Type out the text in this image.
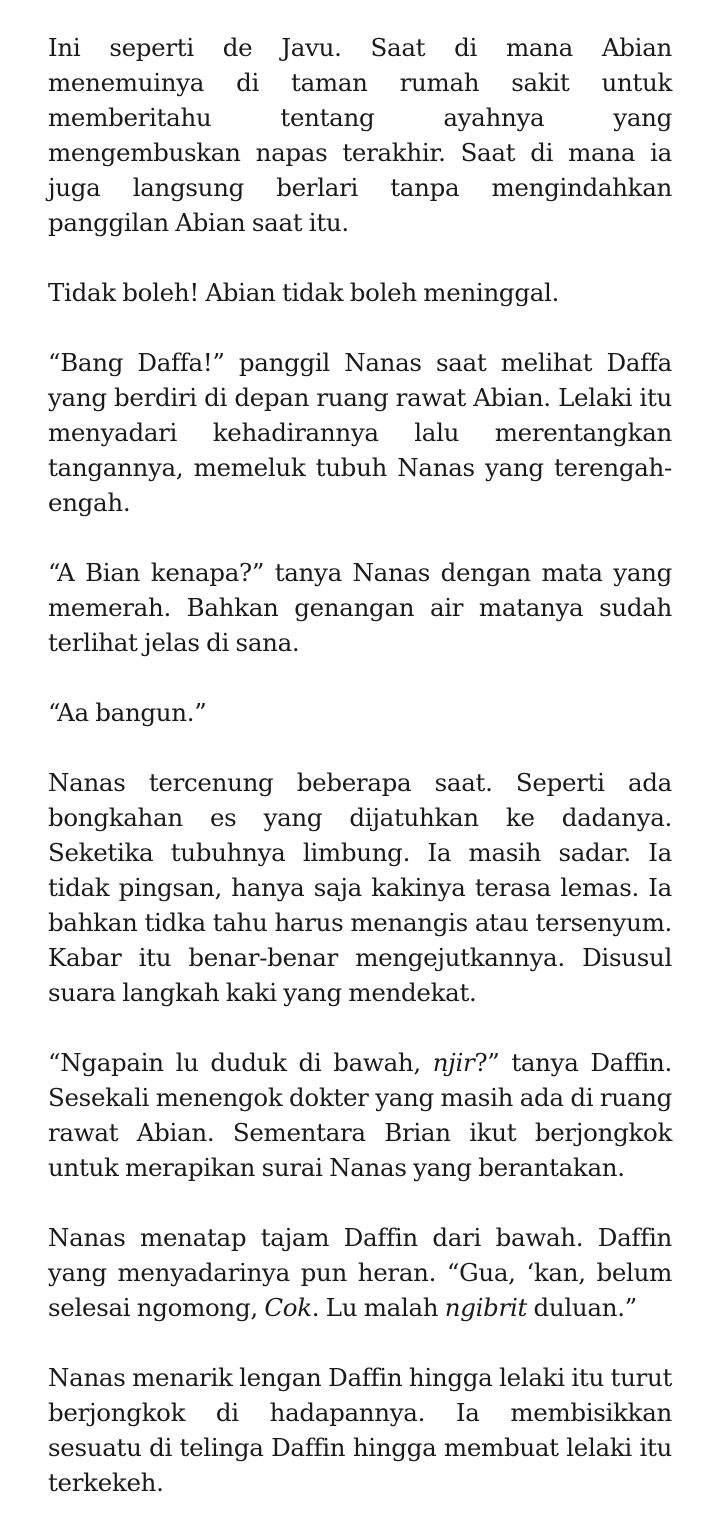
Ini seperti de Javu. Saat di mana Abian menemuinya di taman rumah sakit untuk memberitahu tentang ayahnya yang mengembuskan napas terakhir. Saat di mana ia juga langsung berlari tanpa mengindahkan panggilan Abian saat itu.

Tidak boleh! Abian tidak boleh meninggal.

“Bang Daffa!” panggil Nanas saat melihat Daffa yang berdiri di depan ruang rawat Abian. Lelaki itu menyadari kehadirannya lalu merentangkan tangannya, memeluk tubuh Nanas yang terengah-engah.

“A Bian kenapa?” tanya Nanas dengan mata yang memerah. Bahkan genangan air matanya sudah terlihat jelas di sana.

“Aa bangun.”

Nanas tercenung beberapa saat. Seperti ada bongkahan es yang dijatuhkan ke dadanya. Seketika tubuhnya limbung. Ia masih sadar. Ia tidak pingsan, hanya saja kakinya terasa lemas. Ia bahkan tidka tahu harus menangis atau tersenyum. Kabar itu benar-benar mengejutkannya. Disusul suara langkah kaki yang mendekat.

“Ngapain lu duduk di bawah, njir?” tanya Daffin. Sesekali menengok dokter yang masih ada di ruang rawat Abian. Sementara Brian ikut berjongkok untuk merapikan surai Nanas yang berantakan.

Nanas menatap tajam Daffin dari bawah. Daffin yang menyadarinya pun heran. “Gua, ‘kan, belum selesai ngomong, Cok. Lu malah ngibrit duluan.”

Nanas menarik lengan Daffin hingga lelaki itu turut berjongkok di hadapannya. Ia membisikkan sesuatu di telinga Daffin hingga membuat lelaki itu terkekeh.
